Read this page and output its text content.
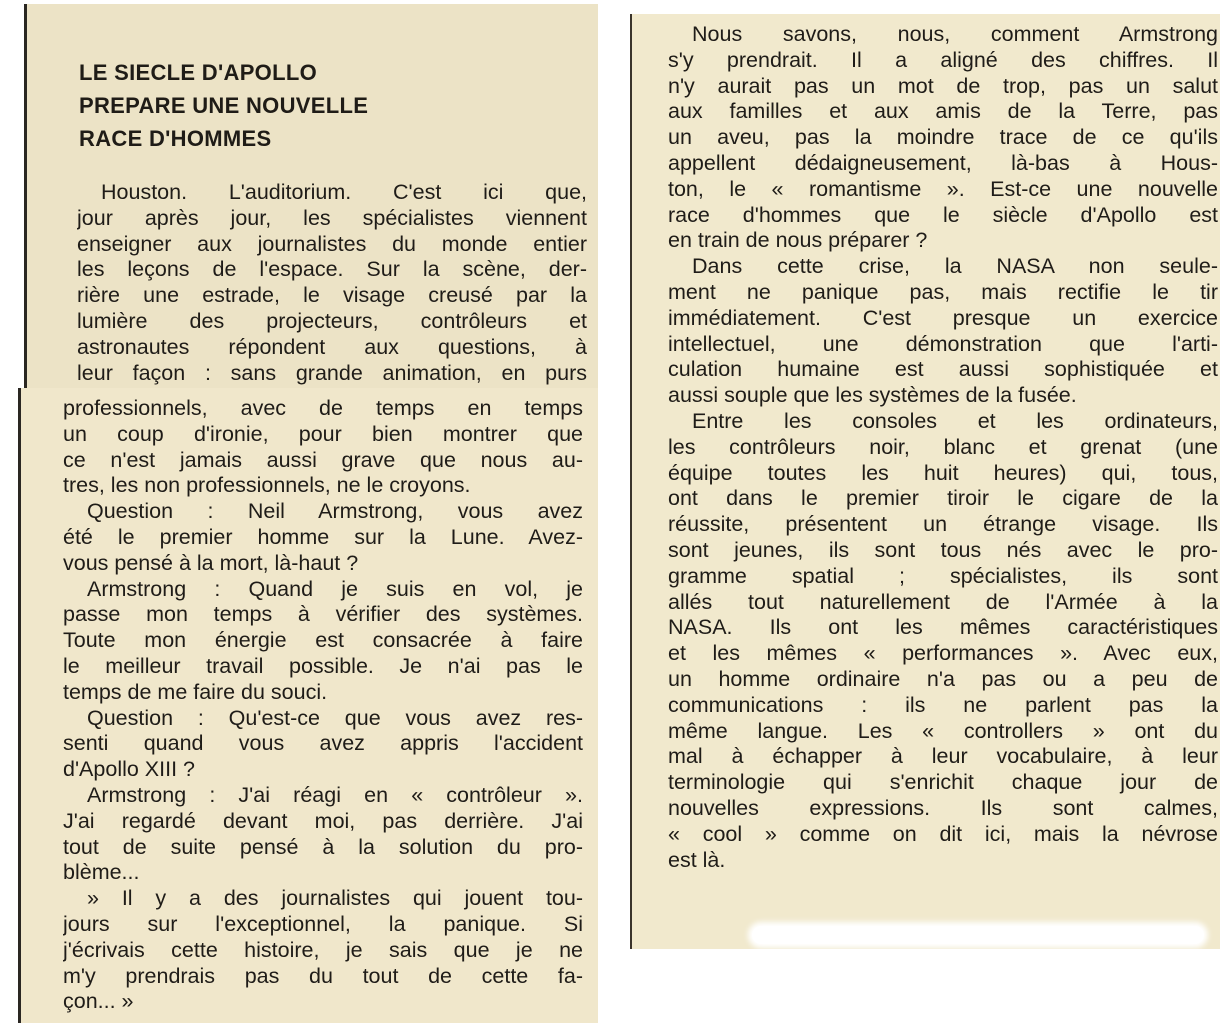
LE SIECLE D'APOLLO
PREPARE UNE NOUVELLE
RACE D'HOMMES
Houston. L'auditorium. C'est ici que,
jour après jour, les spécialistes viennent
enseigner aux journalistes du monde entier
les leçons de l'espace. Sur la scène, der-
rière une estrade, le visage creusé par la
lumière des projecteurs, contrôleurs et
astronautes répondent aux questions, à
leur façon : sans grande animation, en purs
professionnels, avec de temps en temps
un coup d'ironie, pour bien montrer que
ce n'est jamais aussi grave que nous au-
tres, les non professionnels, ne le croyons.
Question : Neil Armstrong, vous avez
été le premier homme sur la Lune. Avez-
vous pensé à la mort, là-haut ?
Armstrong : Quand je suis en vol, je
passe mon temps à vérifier des systèmes.
Toute mon énergie est consacrée à faire
le meilleur travail possible. Je n'ai pas le
temps de me faire du souci.
Question : Qu'est-ce que vous avez res-
senti quand vous avez appris l'accident
d'Apollo XIII ?
Armstrong : J'ai réagi en « contrôleur ».
J'ai regardé devant moi, pas derrière. J'ai
tout de suite pensé à la solution du pro-
blème...
» Il y a des journalistes qui jouent tou-
jours sur l'exceptionnel, la panique. Si
j'écrivais cette histoire, je sais que je ne
m'y prendrais pas du tout de cette fa-
çon... »
Nous savons, nous, comment Armstrong
s'y prendrait. Il a aligné des chiffres. Il
n'y aurait pas un mot de trop, pas un salut
aux familles et aux amis de la Terre, pas
un aveu, pas la moindre trace de ce qu'ils
appellent dédaigneusement, là-bas à Hous-
ton, le « romantisme ». Est-ce une nouvelle
race d'hommes que le siècle d'Apollo est
en train de nous préparer ?
Dans cette crise, la NASA non seule-
ment ne panique pas, mais rectifie le tir
immédiatement. C'est presque un exercice
intellectuel, une démonstration que l'arti-
culation humaine est aussi sophistiquée et
aussi souple que les systèmes de la fusée.
Entre les consoles et les ordinateurs,
les contrôleurs noir, blanc et grenat (une
équipe toutes les huit heures) qui, tous,
ont dans le premier tiroir le cigare de la
réussite, présentent un étrange visage. Ils
sont jeunes, ils sont tous nés avec le pro-
gramme spatial ; spécialistes, ils sont
allés tout naturellement de l'Armée à la
NASA. Ils ont les mêmes caractéristiques
et les mêmes « performances ». Avec eux,
un homme ordinaire n'a pas ou a peu de
communications : ils ne parlent pas la
même langue. Les « controllers » ont du
mal à échapper à leur vocabulaire, à leur
terminologie qui s'enrichit chaque jour de
nouvelles expressions. Ils sont calmes,
« cool » comme on dit ici, mais la névrose
est là.
